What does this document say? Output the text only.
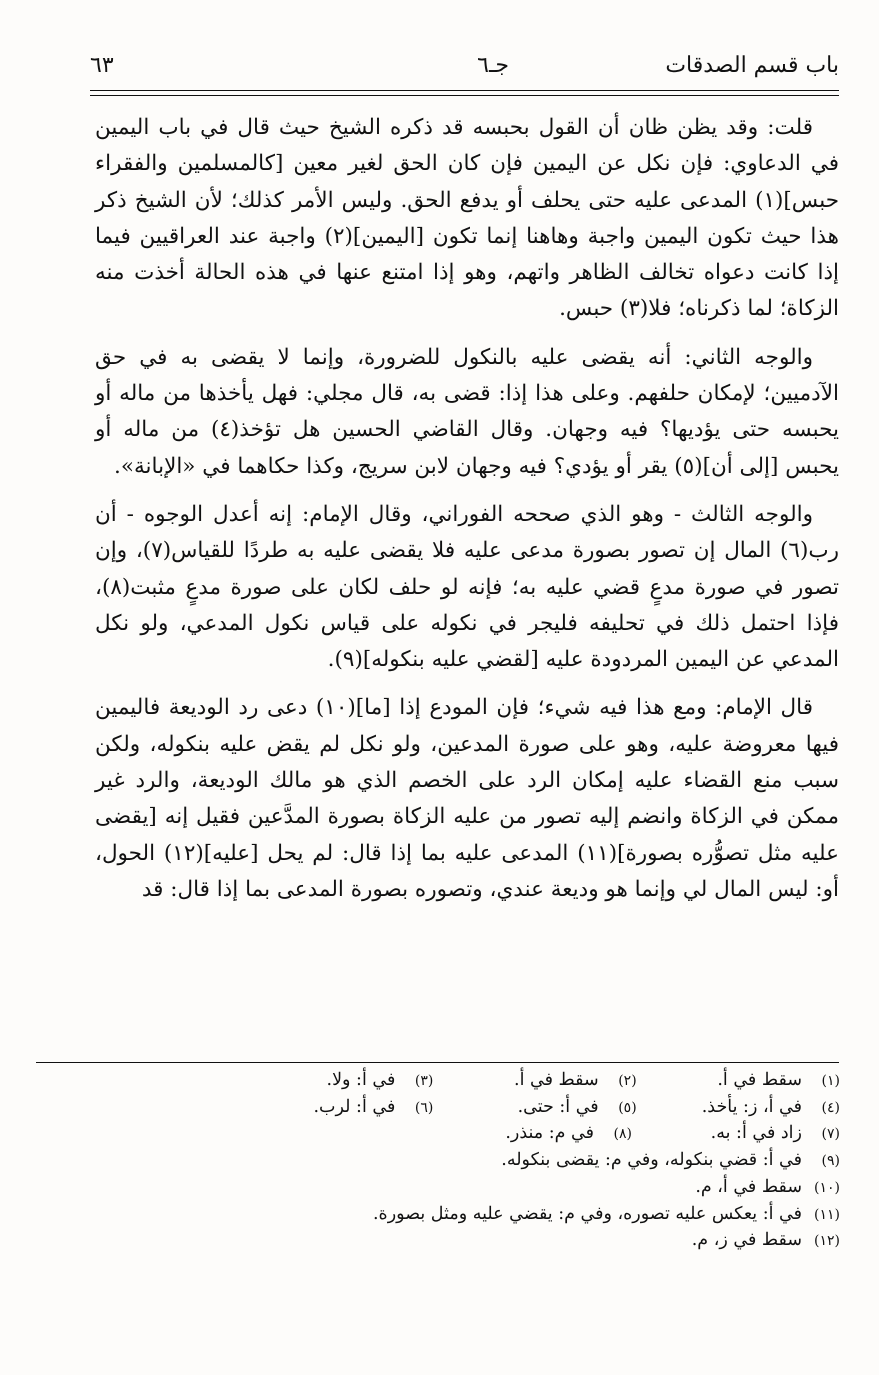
باب قسم الصدقات
جـ٦
٦٣

قلت: وقد يظن ظان أن القول بحبسه قد ذكره الشيخ حيث قال في باب اليمين في الدعاوي: فإن نكل عن اليمين فإن كان الحق لغير معين [كالمسلمين والفقراء حبس](١) المدعى عليه حتى يحلف أو يدفع الحق. وليس الأمر كذلك؛ لأن الشيخ ذكر هذا حيث تكون اليمين واجبة وهاهنا إنما تكون [اليمين](٢) واجبة عند العراقيين فيما إذا كانت دعواه تخالف الظاهر واتهم، وهو إذا امتنع عنها في هذه الحالة أخذت منه الزكاة؛ لما ذكرناه؛ فلا(٣) حبس.

والوجه الثاني: أنه يقضى عليه بالنكول للضرورة، وإنما لا يقضى به في حق الآدميين؛ لإمكان حلفهم. وعلى هذا إذا: قضى به، قال مجلي: فهل يأخذها من ماله أو يحبسه حتى يؤديها؟ فيه وجهان. وقال القاضي الحسين هل تؤخذ(٤) من ماله أو يحبس [إلى أن](٥) يقر أو يؤدي؟ فيه وجهان لابن سريج، وكذا حكاهما في «الإبانة».

والوجه الثالث - وهو الذي صححه الفوراني، وقال الإمام: إنه أعدل الوجوه - أن رب(٦) المال إن تصور بصورة مدعى عليه فلا يقضى عليه به طردًا للقياس(٧)، وإن تصور في صورة مدعٍ قضي عليه به؛ فإنه لو حلف لكان على صورة مدعٍ مثبت(٨)، فإذا احتمل ذلك في تحليفه فليجر في نكوله على قياس نكول المدعي، ولو نكل المدعي عن اليمين المردودة عليه [لقضي عليه بنكوله](٩).

قال الإمام: ومع هذا فيه شيء؛ فإن المودع إذا [ما](١٠) دعى رد الوديعة فاليمين فيها معروضة عليه، وهو على صورة المدعين، ولو نكل لم يقض عليه بنكوله، ولكن سبب منع القضاء عليه إمكان الرد على الخصم الذي هو مالك الوديعة، والرد غير ممكن في الزكاة وانضم إليه تصور من عليه الزكاة بصورة المدَّعين فقيل إنه [يقضى عليه مثل تصوُّره بصورة](١١) المدعى عليه بما إذا قال: لم يحل [عليه](١٢) الحول، أو: ليس المال لي وإنما هو وديعة عندي، وتصوره بصورة المدعى بما إذا قال: قد

(١)سقط في أ.
(٢)سقط في أ.
(٣)في أ: ولا.
(٤)في أ، ز: يأخذ.
(٥)في أ: حتى.
(٦)في أ: لرب.
(٧)زاد في أ: به.
(٨)في م: منذر.
(٩)في أ: قضي بنكوله، وفي م: يقضى بنكوله.
(١٠)سقط في أ، م.
(١١)في أ: يعكس عليه تصوره، وفي م: يقضي عليه ومثل بصورة.
(١٢)سقط في ز، م.
